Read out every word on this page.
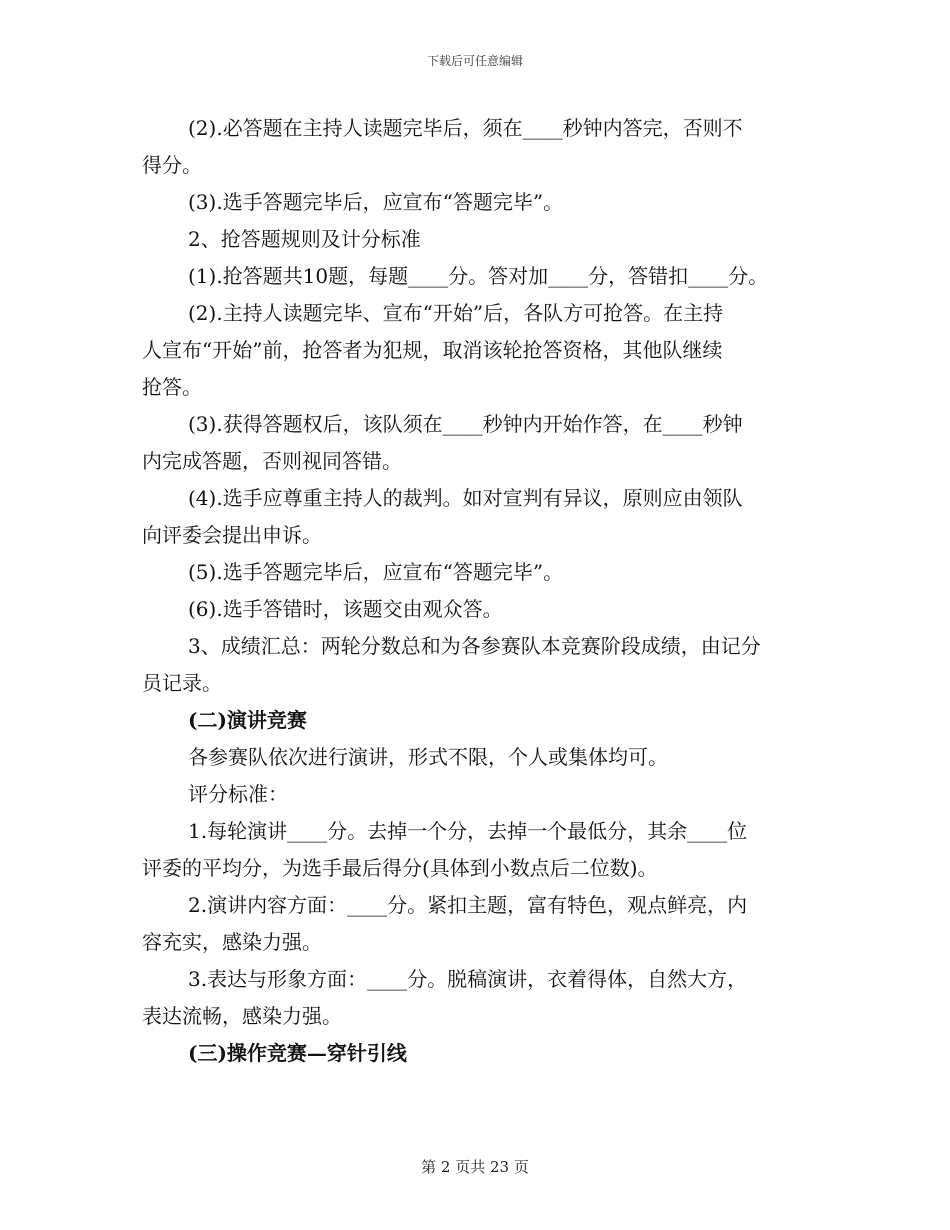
下载后可任意编辑
(2).必答题在主持人读题完毕后，须在____秒钟内答完，否则不
得分。
(3).选手答题完毕后，应宣布“答题完毕”。
2、抢答题规则及计分标准
(1).抢答题共10题，每题____分。答对加____分，答错扣____分。
(2).主持人读题完毕、宣布“开始”后，各队方可抢答。在主持
人宣布“开始”前，抢答者为犯规，取消该轮抢答资格，其他队继续
抢答。
(3).获得答题权后，该队须在____秒钟内开始作答，在____秒钟
内完成答题，否则视同答错。
(4).选手应尊重主持人的裁判。如对宣判有异议，原则应由领队
向评委会提出申诉。
(5).选手答题完毕后，应宣布“答题完毕”。
(6).选手答错时，该题交由观众答。
3、成绩汇总：两轮分数总和为各参赛队本竞赛阶段成绩，由记分
员记录。
(二)演讲竞赛
各参赛队依次进行演讲，形式不限，个人或集体均可。
评分标准：
1.每轮演讲____分。去掉一个分，去掉一个最低分，其余____位
评委的平均分，为选手最后得分(具体到小数点后二位数)。
2.演讲内容方面：____分。紧扣主题，富有特色，观点鲜亮，内
容充实，感染力强。
3.表达与形象方面：____分。脱稿演讲，衣着得体，自然大方，
表达流畅，感染力强。
(三)操作竞赛—穿针引线
第 2 页共 23 页
